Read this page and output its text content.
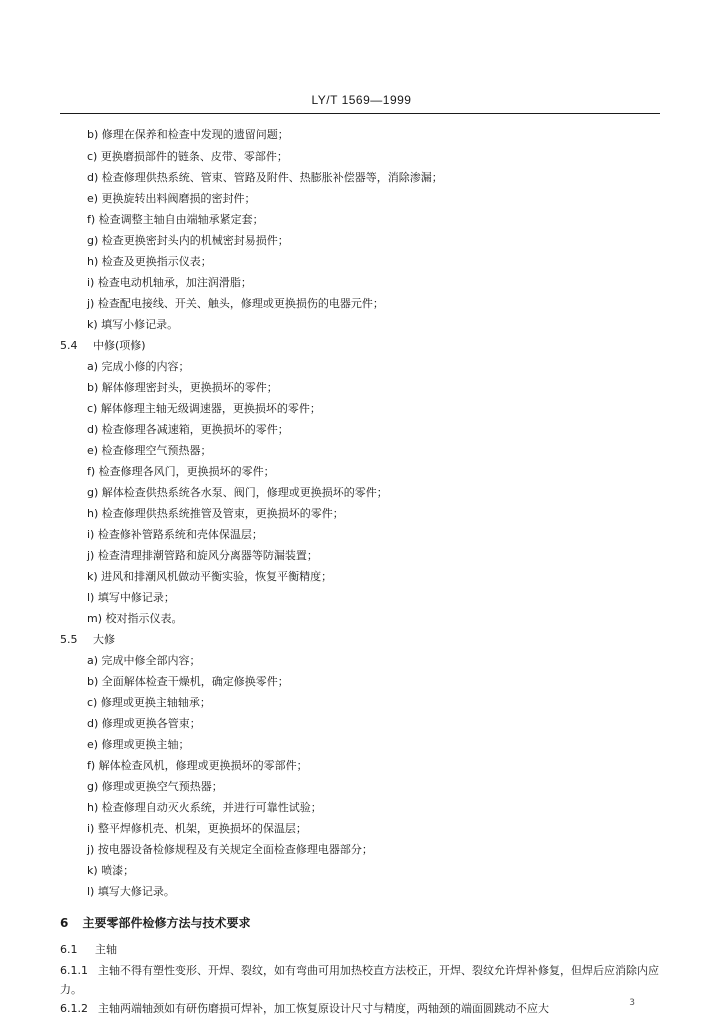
LY/T 1569—1999
b) 修理在保养和检查中发现的遗留问题；
c) 更换磨损部件的链条、皮带、零部件；
d) 检查修理供热系统、管束、管路及附件、热膨胀补偿器等，消除渗漏；
e) 更换旋转出料阀磨损的密封件；
f) 检查调整主轴自由端轴承紧定套；
g) 检查更换密封头内的机械密封易损件；
h) 检查及更换指示仪表；
i) 检查电动机轴承，加注润滑脂；
j) 检查配电接线、开关、触头，修理或更换损伤的电器元件；
k) 填写小修记录。
5.4 中修(项修)
a) 完成小修的内容；
b) 解体修理密封头，更换损坏的零件；
c) 解体修理主轴无级调速器，更换损坏的零件；
d) 检查修理各减速箱，更换损坏的零件；
e) 检查修理空气预热器；
f) 检查修理各风门，更换损坏的零件；
g) 解体检查供热系统各水泵、阀门，修理或更换损坏的零件；
h) 检查修理供热系统推管及管束，更换损坏的零件；
i) 检查修补管路系统和壳体保温层；
j) 检查清理排潮管路和旋风分离器等防漏装置；
k) 进风和排潮风机做动平衡实验，恢复平衡精度；
l) 填写中修记录；
m) 校对指示仪表。
5.5 大修
a) 完成中修全部内容；
b) 全面解体检查干燥机，确定修换零件；
c) 修理或更换主轴轴承；
d) 修理或更换各管束；
e) 修理或更换主轴；
f) 解体检查风机，修理或更换损坏的零部件；
g) 修理或更换空气预热器；
h) 检查修理自动灭火系统，并进行可靠性试验；
i) 整平焊修机壳、机架，更换损坏的保温层；
j) 按电器设备检修规程及有关规定全面检查修理电器部分；
k) 喷漆；
l) 填写大修记录。
6 主要零部件检修方法与技术要求
6.1 主轴
6.1.1 主轴不得有塑性变形、开焊、裂纹，如有弯曲可用加热校直方法校正，开焊、裂纹允许焊补修复，但焊后应消除内应力。
6.1.2 主轴两端轴颈如有研伤磨损可焊补，加工恢复原设计尺寸与精度，两轴颈的端面圆跳动不应大	3
